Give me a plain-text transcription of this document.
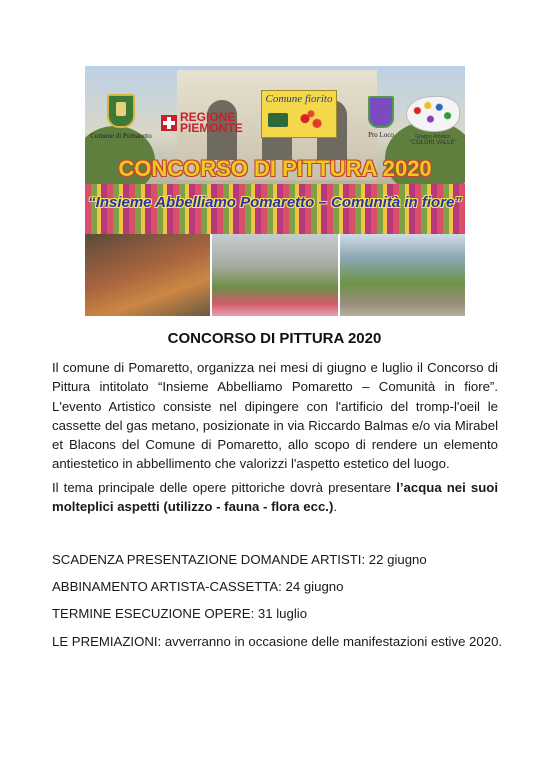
Comune di Pomaretto
REGIONE
PIEMONTE
Comune fiorito
Pro Loco	Gruppo Artistico
"COLORI VALLE"
CONCORSO DI PITTURA 2020
“Insieme Abbelliamo Pomaretto – Comunità in fiore”
CONCORSO DI PITTURA 2020

Il comune di Pomaretto, organizza nei mesi di giugno e luglio il Concorso di Pittura intitolato “Insieme Abbelliamo Pomaretto – Comunità in fiore”. L'evento Artistico consiste nel dipingere con l'artificio del tromp-l'oeil le cassette del gas metano, posizionate in via Riccardo Balmas e/o via Mirabel et Blacons del Comune di Pomaretto, allo scopo di rendere un elemento antiestetico in abbellimento che valorizzi l'aspetto estetico del luogo.

Il tema principale delle opere pittoriche dovrà presentare l’acqua nei suoi molteplici aspetti (utilizzo - fauna - flora ecc.).

SCADENZA PRESENTAZIONE DOMANDE ARTISTI: 22 giugno

ABBINAMENTO ARTISTA-CASSETTA: 24 giugno

TERMINE ESECUZIONE OPERE: 31 luglio

LE PREMIAZIONI: avverranno in occasione delle manifestazioni estive 2020.
